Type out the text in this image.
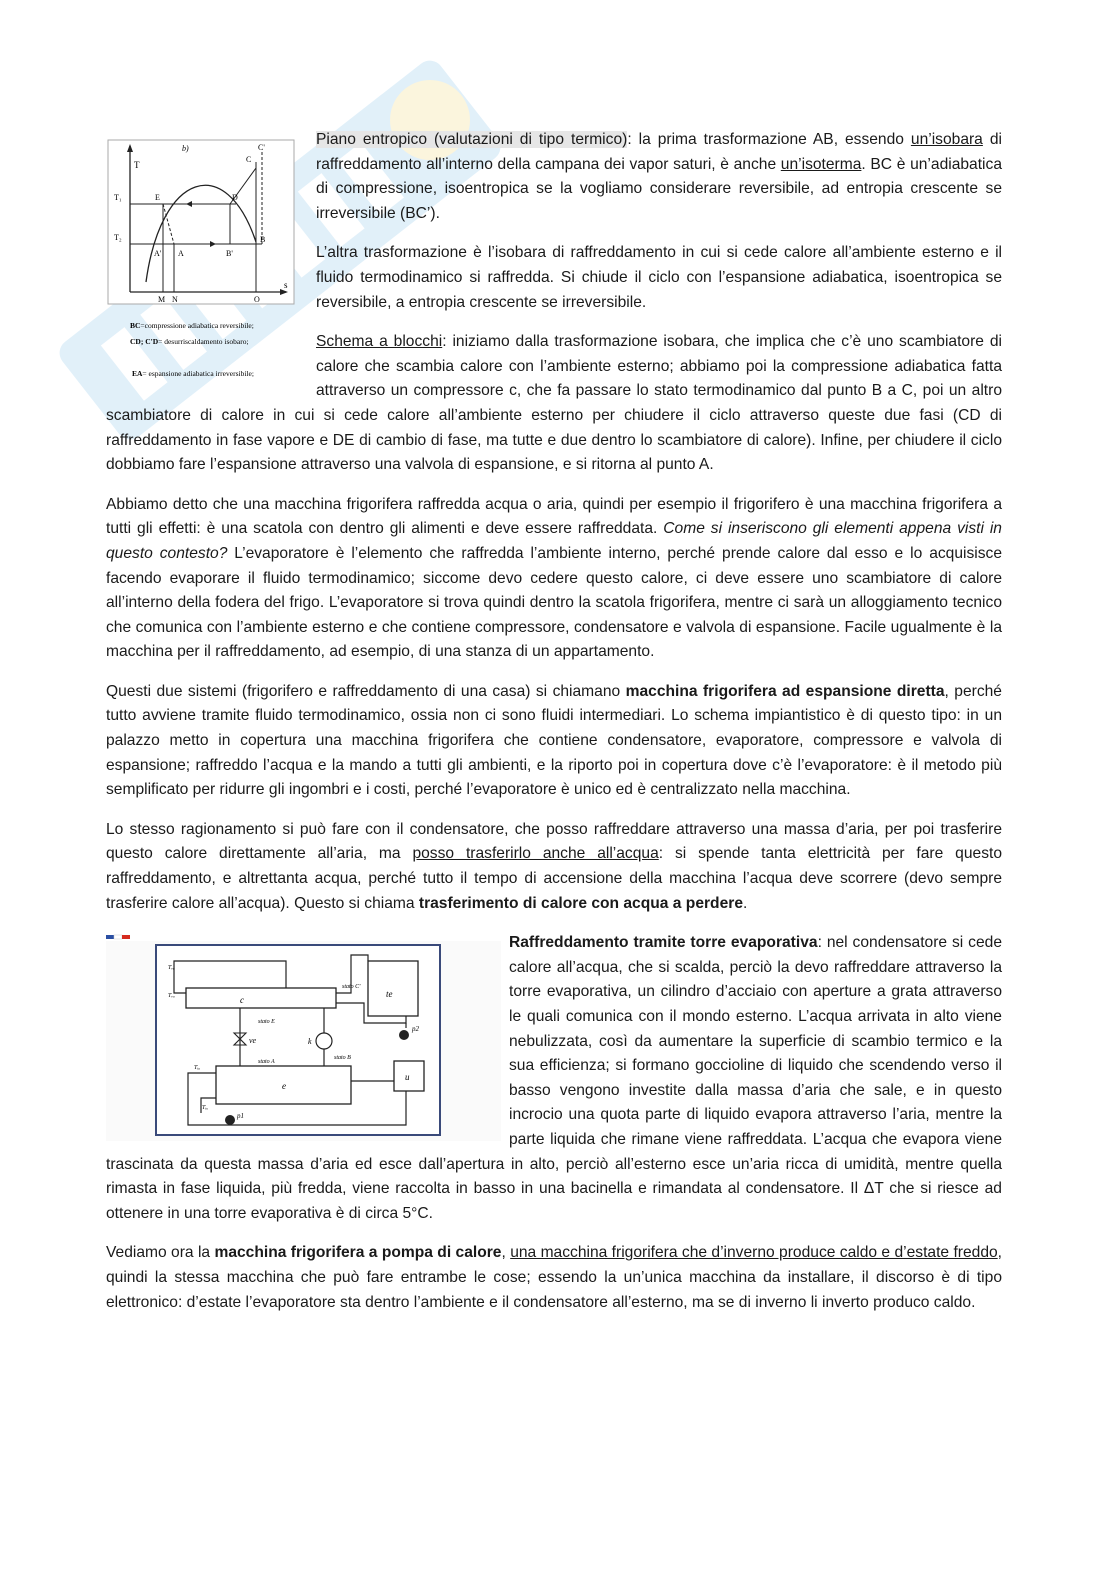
T
s
b)
T₁
T₂
C'
C
E	D
A' A	B'
B
M N	O
BC=compressione adiabatica reversibile;
CD; C'D= desurriscaldamento isobaro;
EA= espansione adiabatica irreversibile;

Piano entropico (valutazioni di tipo termico): la prima trasformazione AB, essendo un’isobara di raffreddamento all’interno della campana dei vapor saturi, è anche un’isoterma. BC è un’adiabatica di compressione, isoentropica se la vogliamo considerare reversibile, ad entropia crescente se irreversibile (BC’).

L’altra trasformazione è l’isobara di raffreddamento in cui si cede calore all’ambiente esterno e il fluido termodinamico si raffredda. Si chiude il ciclo con l’espansione adiabatica, isoentropica se reversibile, a entropia crescente se irreversibile.

Schema a blocchi: iniziamo dalla trasformazione isobara, che implica che c’è uno scambiatore di calore che scambia calore con l’ambiente esterno; abbiamo poi la compressione adiabatica fatta attraverso un compressore c, che fa passare lo stato termodinamico dal punto B a C, poi un altro scambiatore di calore in cui si cede calore all’ambiente esterno per chiudere il ciclo attraverso queste due fasi (CD di raffreddamento in fase vapore e DE di cambio di fase, ma tutte e due dentro lo scambiatore di calore). Infine, per chiudere il ciclo dobbiamo fare l’espansione attraverso una valvola di espansione, e si ritorna al punto A.

Abbiamo detto che una macchina frigorifera raffredda acqua o aria, quindi per esempio il frigorifero è una macchina frigorifera a tutti gli effetti: è una scatola con dentro gli alimenti e deve essere raffreddata. Come si inseriscono gli elementi appena visti in questo contesto? L’evaporatore è l’elemento che raffredda l’ambiente interno, perché prende calore dal esso e lo acquisisce facendo evaporare il fluido termodinamico; siccome devo cedere questo calore, ci deve essere uno scambiatore di calore all’interno della fodera del frigo. L’evaporatore si trova quindi dentro la scatola frigorifera, mentre ci sarà un alloggiamento tecnico che comunica con l’ambiente esterno e che contiene compressore, condensatore e valvola di espansione. Facile ugualmente è la macchina per il raffreddamento, ad esempio, di una stanza di un appartamento.

Questi due sistemi (frigorifero e raffreddamento di una casa) si chiamano macchina frigorifera ad espansione diretta, perché tutto avviene tramite fluido termodinamico, ossia non ci sono fluidi intermediari. Lo schema impiantistico è di questo tipo: in un palazzo metto in copertura una macchina frigorifera che contiene condensatore, evaporatore, compressore e valvola di espansione; raffreddo l’acqua e la mando a tutti gli ambienti, e la riporto poi in copertura dove c’è l’evaporatore: è il metodo più semplificato per ridurre gli ingombri e i costi, perché l’evaporatore è unico ed è centralizzato nella macchina.

Lo stesso ragionamento si può fare con il condensatore, che posso raffreddare attraverso una massa d’aria, per poi trasferire questo calore direttamente all’aria, ma posso trasferirlo anche all’acqua: si spende tanta elettricità per fare questo raffreddamento, e altrettanta acqua, perché tutto il tempo di accensione della macchina l’acqua deve scorrere (devo sempre trasferire calore all’acqua). Questo si chiama trasferimento di calore con acqua a perdere.

c
e
te
u
ve	k
p2
p1
Tᵥₐ
Tᵥᵤ
stato C'
stato E
stato B
stato A
Tᵢₐ
Tᵢᵤ

Raffreddamento tramite torre evaporativa: nel condensatore si cede calore all’acqua, che si scalda, perciò la devo raffreddare attraverso la torre evaporativa, un cilindro d’acciaio con aperture a grata attraverso le quali comunica con il mondo esterno. L’acqua arrivata in alto viene nebulizzata, così da aumentare la superficie di scambio termico e la sua efficienza; si formano goccioline di liquido che scendendo verso il basso vengono investite dalla massa d’aria che sale, e in questo incrocio una quota parte di liquido evapora attraverso l’aria, mentre la parte liquida che rimane viene raffreddata. L’acqua che evapora viene trascinata da questa massa d’aria ed esce dall’apertura in alto, perciò all’esterno esce un’aria ricca di umidità, mentre quella rimasta in fase liquida, più fredda, viene raccolta in basso in una bacinella e rimandata al condensatore. Il ΔT che si riesce ad ottenere in una torre evaporativa è di circa 5°C.

Vediamo ora la macchina frigorifera a pompa di calore, una macchina frigorifera che d’inverno produce caldo e d’estate freddo, quindi la stessa macchina che può fare entrambe le cose; essendo la un’unica macchina da installare, il discorso è di tipo elettronico: d’estate l’evaporatore sta dentro l’ambiente e il condensatore all’esterno, ma se di inverno li inverto produco caldo.
